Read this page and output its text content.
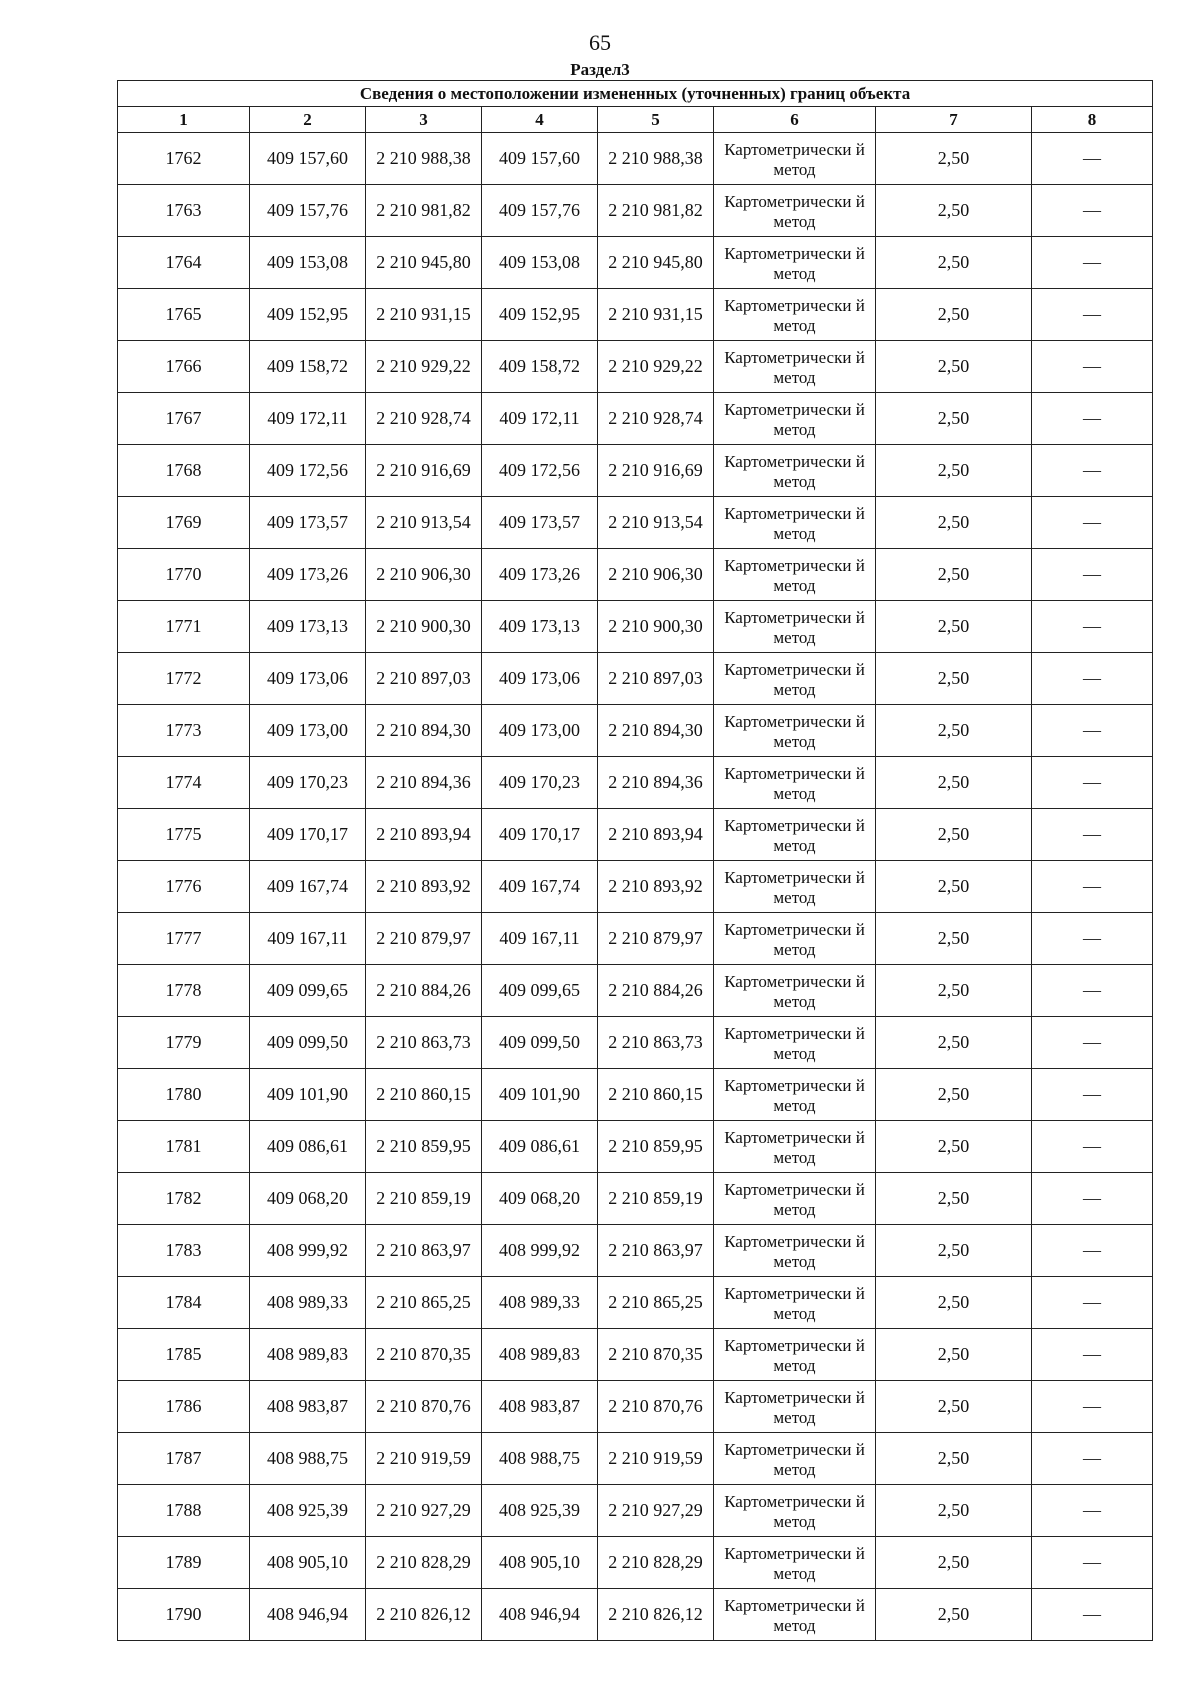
65
Раздел3
Сведения о местоположении измененных (уточненных) границ объекта							
1	2	3	4	5	6	7	8
1762	409 157,60	2 210 988,38	409 157,60	2 210 988,38	Картометрически й метод	2,50	—
1763	409 157,76	2 210 981,82	409 157,76	2 210 981,82	Картометрически й метод	2,50	—
1764	409 153,08	2 210 945,80	409 153,08	2 210 945,80	Картометрически й метод	2,50	—
1765	409 152,95	2 210 931,15	409 152,95	2 210 931,15	Картометрически й метод	2,50	—
1766	409 158,72	2 210 929,22	409 158,72	2 210 929,22	Картометрически й метод	2,50	—
1767	409 172,11	2 210 928,74	409 172,11	2 210 928,74	Картометрически й метод	2,50	—
1768	409 172,56	2 210 916,69	409 172,56	2 210 916,69	Картометрически й метод	2,50	—
1769	409 173,57	2 210 913,54	409 173,57	2 210 913,54	Картометрически й метод	2,50	—
1770	409 173,26	2 210 906,30	409 173,26	2 210 906,30	Картометрически й метод	2,50	—
1771	409 173,13	2 210 900,30	409 173,13	2 210 900,30	Картометрически й метод	2,50	—
1772	409 173,06	2 210 897,03	409 173,06	2 210 897,03	Картометрически й метод	2,50	—
1773	409 173,00	2 210 894,30	409 173,00	2 210 894,30	Картометрически й метод	2,50	—
1774	409 170,23	2 210 894,36	409 170,23	2 210 894,36	Картометрически й метод	2,50	—
1775	409 170,17	2 210 893,94	409 170,17	2 210 893,94	Картометрически й метод	2,50	—
1776	409 167,74	2 210 893,92	409 167,74	2 210 893,92	Картометрически й метод	2,50	—
1777	409 167,11	2 210 879,97	409 167,11	2 210 879,97	Картометрически й метод	2,50	—
1778	409 099,65	2 210 884,26	409 099,65	2 210 884,26	Картометрически й метод	2,50	—
1779	409 099,50	2 210 863,73	409 099,50	2 210 863,73	Картометрически й метод	2,50	—
1780	409 101,90	2 210 860,15	409 101,90	2 210 860,15	Картометрически й метод	2,50	—
1781	409 086,61	2 210 859,95	409 086,61	2 210 859,95	Картометрически й метод	2,50	—
1782	409 068,20	2 210 859,19	409 068,20	2 210 859,19	Картометрически й метод	2,50	—
1783	408 999,92	2 210 863,97	408 999,92	2 210 863,97	Картометрически й метод	2,50	—
1784	408 989,33	2 210 865,25	408 989,33	2 210 865,25	Картометрически й метод	2,50	—
1785	408 989,83	2 210 870,35	408 989,83	2 210 870,35	Картометрически й метод	2,50	—
1786	408 983,87	2 210 870,76	408 983,87	2 210 870,76	Картометрически й метод	2,50	—
1787	408 988,75	2 210 919,59	408 988,75	2 210 919,59	Картометрически й метод	2,50	—
1788	408 925,39	2 210 927,29	408 925,39	2 210 927,29	Картометрически й метод	2,50	—
1789	408 905,10	2 210 828,29	408 905,10	2 210 828,29	Картометрически й метод	2,50	—
1790	408 946,94	2 210 826,12	408 946,94	2 210 826,12	Картометрически й метод	2,50	—
